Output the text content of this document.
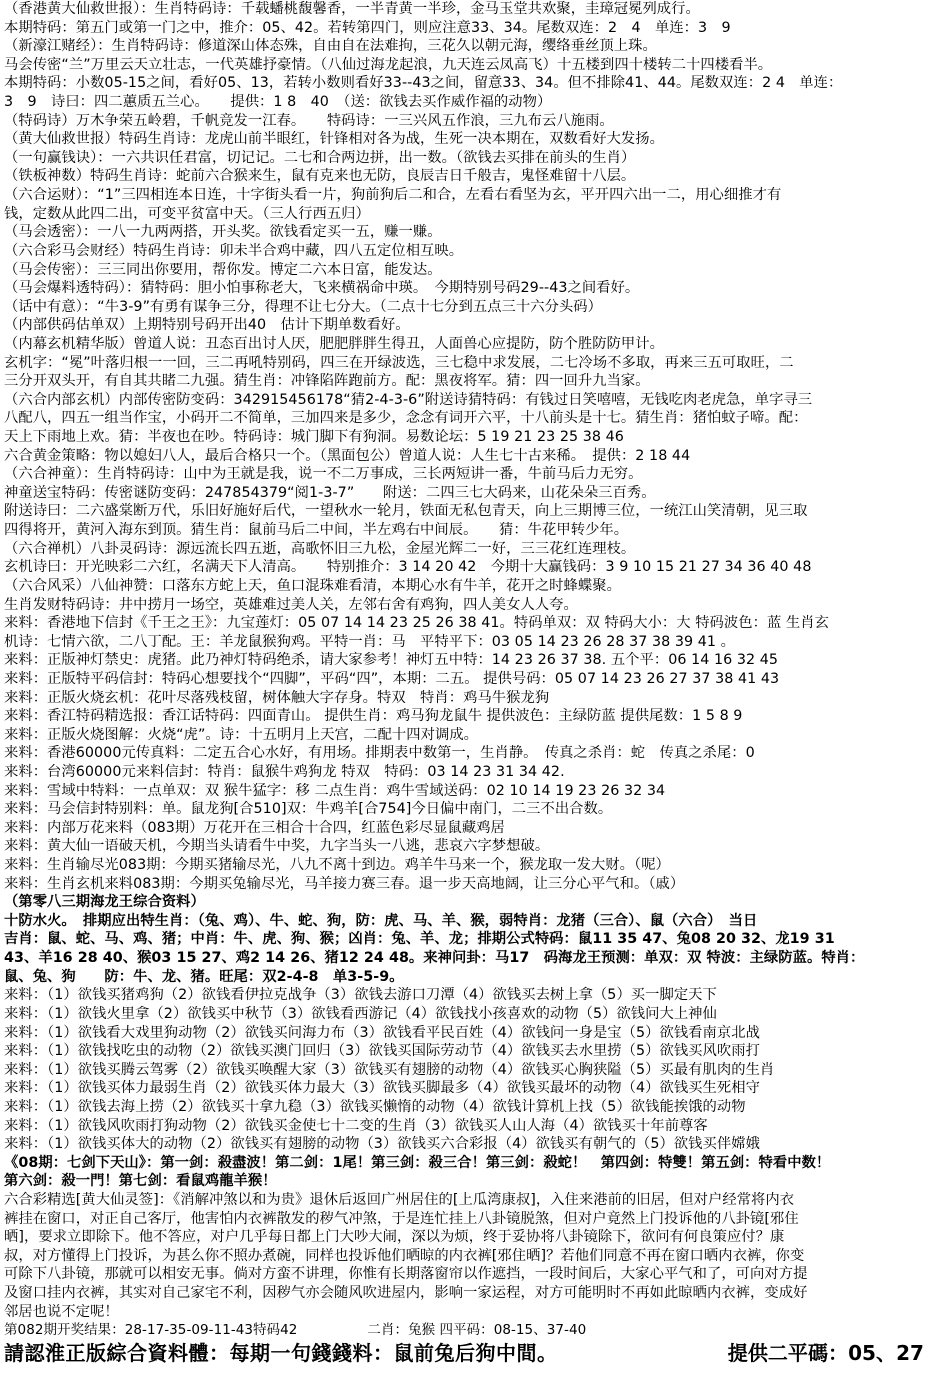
（香港黄大仙救世报）：生肖特码诗：千载蟠桃馥馨香，一半青黄一半珍，金马玉堂共欢聚，圭璋冠冕列成行。
本期特码：第五门或第一门之中，推介：05、42。若转第四门，则应注意33、34。尾数双连：2　4　单连：3　9
（新濠江赌经）：生肖特码诗：修道深山体态殊，自由自在法难拘，三花久以朝元海，缨络垂丝顶上珠。
马会传密“兰”万里云天立壮志，一代英雄抒豪情。（八仙过海龙起浪，九天连云凤高飞）十五楼到四十楼转二十四楼看半。
本期特码：小数05-15之间，看好05、13，若转小数则看好33--43之间，留意33、34。但不排除41、44。尾数双连：2 4　单连：
3　9　诗曰：四二蕙质五兰心。　　提供：1 8　40　（送：欲钱去买作威作福的动物）
（特码诗）万木争荣五岭碧，千帆竞发一江春。　　特码诗：一三兴风五作浪，三九布云八施雨。
（黄大仙救世报）特码生肖诗：龙虎山前半眼红，针锋相对各为战，生死一决本期在，双数看好大发扬。
（一句赢钱诀）：一六共识任君富，切记记。二七和合两边拼，出一数。（欲钱去买排在前头的生肖）
（铁板神数）特码生肖诗：蛇前六合猴来生，鼠有克来也无防，良辰吉日千般吉，鬼怪难留十八层。
（六合运财）：“1”三四相连本日连，十字街头看一片，狗前狗后二和合，左看右看坚为玄，平开四六出一二，用心细推才有
钱，定数从此四二出，可变平贫富中天。（三人行西五归）
（马会透密）：一八一九两两搭，开头奖。欲钱看定买一五，赚一赚。
（六合彩马会财经）特码生肖诗：卯未半合鸡中藏，四八五定位相互映。
（马会传密）：三三同出你要用，帮你发。博定二六本日富，能发达。
（马会爆料透特码）：猜特码：胆小怕事称老大，飞来横祸命中瑛。　今期特别号码29--43之间看好。
（话中有意）：“牛3-9”有勇有谋争三分，得理不让七分大。（二点十七分到五点三十六分头码）
（内部供码估单双）上期特别号码开出40　估计下期单数看好。
（内幕玄机精华版）曾道人说：丑态百出讨人厌，肥肥胖胖生得丑，人面兽心应提防，防个胜防防甲计。
玄机字：“冕”叶落归根一一回，三二再吼特别码，四三在开绿波选，三七稳中求发展，二七冷场不多取，再来三五可取旺，二
三分开双头开，有自其共睹二九强。猜生肖：冲锋陷阵跑前方。配：黑夜将军。猜：四一回升九当家。
（六合内部玄机）内部传密防变码：342915456178“猜2-4-3-6”附送诗猜特码：有钱过日笑嘻嘻，无钱吃肉老虎急，单字寻三
八配八，四五一组当作宝，小码开二不简单，三加四来是多少，念念有词开六平，十八前头是十七。猜生肖：猪怕蚊子啼。配：
天上下雨地上欢。猜：半夜也在吵。特码诗：城门脚下有狗洞。易数论坛：5 19 21 23 25 38 46
六合黄金策略：物以媳妇八人，最后合格只一个。（黑面包公）曾道人说：人生七十古来稀。　提供：2 18 44
（六合神童）：生肖特码诗：山中为王就是我，说一不二万事成，三长两短讲一番，牛前马后力无穷。
神童送宝特码：传密谜防变码：247854379“阅1-3-7”　　附送：二四三七大码来，山花朵朵三百秀。
附送诗曰：二六盛棠断万代，乐旧好施好后代，一望秋水一轮月，铁面无私包青天，向上三期博三位，一统江山笑清朝，见三取
四得将开，黄河入海东到顶。猜生肖：鼠前马后二中间，半左鸡右中间辰。　　猜：牛花甲转少年。
（六合禅机）八卦灵码诗：源远流长四五逝，高歌怀旧三九松，金屋光辉二一好，三三花红连理枝。
玄机诗曰：开光映彩二六红，名满天下人清高。　　特别推介：3 14 20 42　今期十大赢钱码：3 9 10 15 21 27 34 36 40 48
（六合风采）八仙神赞：口落东方蛇上天，鱼口混珠难看清，本期心水有牛羊，花开之时蜂蝶聚。
生肖发财特码诗：井中捞月一场空，英雄难过美人关，左邻右舍有鸡狗，四人美女人人夸。
来料：香港地下信封《千王之王》：九宝莲灯：05 07 14 14 23 25 26 38 41。特码单双：双 特码大小：大 特码波色：蓝 生肖玄
机诗：七情六欲，二八丁配。王：羊龙鼠猴狗鸡。平特一肖：马　平特平下：03 05 14 23 26 28 37 38 39 41 。
来料：正版神灯禁史：虎猪。此乃神灯特码绝杀，请大家参考！神灯五中特：14 23 26 37 38. 五个平：06 14 16 32 45
来料：正版特平码信封：特码心想要找个“四脚”，平码“四”，本期：二五。 提供号码：05 07 14 23 26 27 37 38 41 43
来料：正版火烧玄机：花叶尽落残枝留，树体触大字存身。特双　特肖：鸡马牛猴龙狗
来料：香江特码精选报：香江话特码：四面青山。 提供生肖：鸡马狗龙鼠牛 提供波色：主绿防蓝 提供尾数：1 5 8 9
来料：正版火烧图解：火烧“虎”。诗：十五明月上天宫，二配十四对调成。
来料：香港60000元传真料：二定五合心水好，有用场。排期表中数第一，生肖静。　传真之杀肖：蛇　传真之杀尾：0
来料：台湾60000元来料信封：特肖：鼠猴牛鸡狗龙 特双　特码：03 14 23 31 34 42.
来料：雪域中特料：一点单双：双 猴牛猛字：移 二点生肖：鸡牛雪域送码：02 10 14 19 23 26 32 34
来料：马会信封特别料：单。鼠龙狗[合510]双：牛鸡羊[合754]今日偏中南门，二三不出合数。
来料：内部万花来料（083期）万花开在三相合十合四，红蓝色彩尽显鼠藏鸡居
来料：黄大仙一语破天机，今期当头请看牛中奖，九字当头一八逃，悲哀六字梦想破。
来料：生肖输尽光083期：今期买猪输尽光，八九不离十到边。鸡羊牛马来一个，猴龙取一发大财。（呢）
来料：生肖玄机来料083期：今期买兔输尽光，马羊接力赛三春。退一步天高地阔，让三分心平气和。（戚）
（第零八三期海龙王综合资料）
十防水火。　排期应出特生肖：（兔、鸡）、牛、蛇、狗，防：虎、马、羊、猴，弱特肖：龙猪（三合）、鼠（六合）　当日
吉肖：鼠、蛇、马、鸡、猪；中肖：牛、虎、狗、猴；凶肖：兔、羊、龙；排期公式特码：鼠11 35 47、兔08 20 32、龙19 31
43、羊16 28 40、猴03 15 27、鸡2 14 26、猪12 24 48。来神问卦：马17　码海龙王预测：单双：双 特波：主绿防蓝。特肖：
鼠、兔、狗　　防：牛、龙、猪。旺尾：双2-4-8　单3-5-9。
来料：（1）欲钱买猪鸡狗（2）欲钱看伊拉克战争（3）欲钱去游口刀潭（4）欲钱买去树上拿（5）买一脚定天下
来料：（1）欲钱火里拿（2）欲钱买中秋节（3）欲钱看西游记（4）欲钱找小孩喜欢的动物（5）欲钱问大上神仙
来料：（1）欲钱看大戏里狗动物（2）欲钱买问海力布（3）欲钱看平民百姓（4）欲钱问一身是宝（5）欲钱看南京北战
来料：（1）欲钱找吃虫的动物（2）欲钱买澳门回归（3）欲钱买国际劳动节（4）欲钱买去水里捞（5）欲钱买风吹雨打
来料：（1）欲钱买腾云驾雾（2）欲钱买唤醒大家（3）欲钱买有翅膀的动物（4）欲钱买心胸狭隘（5）买最有肌肉的生肖
来料：（1）欲钱买体力最弱生肖（2）欲钱买体力最大（3）欲钱买脚最多（4）欲钱买最坏的动物（4）欲钱买生死相守
来料：（1）欲钱去海上捞（2）欲钱买十拿九稳（3）欲钱买懒惰的动物（4）欲钱计算机上找（5）欲钱能挨饿的动物
来料：（1）欲钱风吹雨打狗动物（2）欲钱买金使七十二变的生肖（3）欲钱买人山人海（4）欲钱买十年前尊客
来料：（1）欲钱买体大的动物（2）欲钱买有翅膀的动物（3）欲钱买六合彩报（4）欲钱买有朝气的（5）欲钱买伴嫦娥
《08期：七剑下天山》：第一剑：殺盡波！第二剑：1尾！第三剑：殺三合！第三剑：殺蛇！　第四剑：特雙！第五剑：特看中数！
第六剑：殺一門！第七剑：看鼠鸡龍羊猴！
六合彩精选[黄大仙灵签]：《消解冲煞以和为贵》退休后返回广州居住的[上瓜湾康叔]，入住来港前的旧居，但对户经常将内衣
裤挂在窗口，对正自己客厅，他害怕内衣裤散发的秽气冲煞，于是连忙挂上八卦镜脱煞，但对户竟然上门投诉他的八卦镜[邪住
晒]，要求立即除下。他不答应，对户几乎每日都上门大吵大闹，深以为烦，终于妥协将八卦镜除下，欲问有何良策应付？康
叔，对方懂得上门投诉，为甚么你不照办煮碗，同样也投诉他们晒晾的内衣裤[邪住晒]？若他们同意不再在窗口晒内衣裤，你变
可除下八卦镜，那就可以相安无事。倘对方蛮不讲理，你惟有长期落窗帘以作遮挡，一段时间后，大家心平气和了，可向对方提
及窗口挂内衣裤，其实对自己家宅不利，因秽气亦会随风吹进屋内，影响一家运程，对方可能明时不再如此晾晒内衣裤，变成好
邻居也说不定呢！
第082期开奖结果：28-17-35-09-11-43特码42	二肖：兔猴 四平码：08-15、37-40
請認淮正版綜合資料體：每期一句錢錢料：鼠前兔后狗中間。	提供二平碼：05、27
